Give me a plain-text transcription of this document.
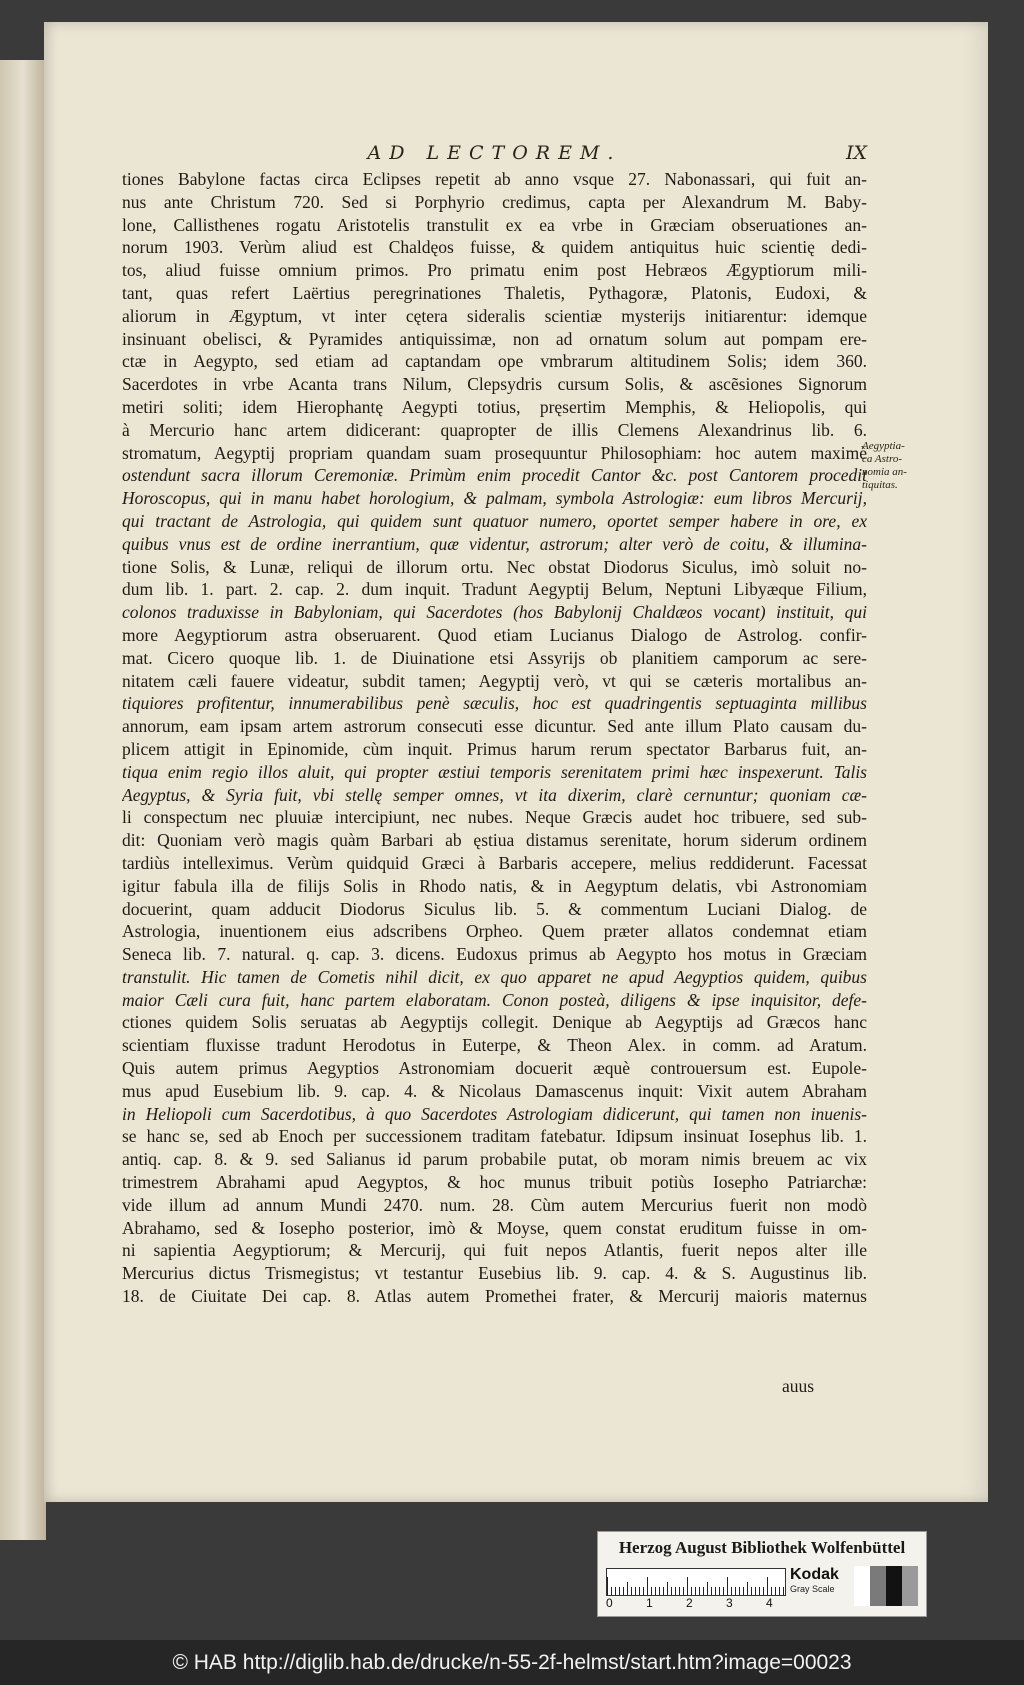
AD LECTOREM.	IX
tiones Babylone factas circa Eclipses repetit ab anno vsque 27. Nabonassari, qui fuit an-
nus ante Christum 720. Sed si Porphyrio credimus, capta per Alexandrum M. Baby-
lone, Callisthenes rogatu Aristotelis transtulit ex ea vrbe in Græciam obseruationes an-
norum 1903. Verùm aliud est Chaldęos fuisse, & quidem antiquitus huic scientię dedi-
tos, aliud fuisse omnium primos. Pro primatu enim post Hebræos Ægyptiorum mili-
tant, quas refert Laërtius peregrinationes Thaletis, Pythagoræ, Platonis, Eudoxi, &
aliorum in Ægyptum, vt inter cętera sideralis scientiæ mysterijs initiarentur: idemque
insinuant obelisci, & Pyramides antiquissimæ, non ad ornatum solum aut pompam ere-
ctæ in Aegypto, sed etiam ad captandam ope vmbrarum altitudinem Solis; idem 360.
Sacerdotes in vrbe Acanta trans Nilum, Clepsydris cursum Solis, & ascẽsiones Signorum
metiri soliti; idem Hierophantę Aegypti totius, pręsertim Memphis, & Heliopolis, qui
à Mercurio hanc artem didicerant: quapropter de illis Clemens Alexandrinus lib. 6.
stromatum, Aegyptij propriam quandam suam prosequuntur Philosophiam: hoc autem maximè
ostendunt sacra illorum Ceremoniæ. Primùm enim procedit Cantor &c. post Cantorem procedit
Horoscopus, qui in manu habet horologium, & palmam, symbola Astrologiæ: eum libros Mercurij,
qui tractant de Astrologia, qui quidem sunt quatuor numero, oportet semper habere in ore, ex
quibus vnus est de ordine inerrantium, quæ videntur, astrorum; alter verò de coitu, & illumina-
tione Solis, & Lunæ, reliqui de illorum ortu. Nec obstat Diodorus Siculus, imò soluit no-
dum lib. 1. part. 2. cap. 2. dum inquit. Tradunt Aegyptij Belum, Neptuni Libyæque Filium,
colonos traduxisse in Babyloniam, qui Sacerdotes (hos Babylonij Chaldæos vocant) instituit, qui
more Aegyptiorum astra obseruarent. Quod etiam Lucianus Dialogo de Astrolog. confir-
mat. Cicero quoque lib. 1. de Diuinatione etsi Assyrijs ob planitiem camporum ac sere-
nitatem cæli fauere videatur, subdit tamen; Aegyptij verò, vt qui se cæteris mortalibus an-
tiquiores profitentur, innumerabilibus penè sæculis, hoc est quadringentis septuaginta millibus
annorum, eam ipsam artem astrorum consecuti esse dicuntur. Sed ante illum Plato causam du-
plicem attigit in Epinomide, cùm inquit. Primus harum rerum spectator Barbarus fuit, an-
tiqua enim regio illos aluit, qui propter æstiui temporis serenitatem primi hæc inspexerunt. Talis
Aegyptus, & Syria fuit, vbi stellę semper omnes, vt ita dixerim, clarè cernuntur; quoniam cæ-
li conspectum nec pluuiæ intercipiunt, nec nubes. Neque Græcis audet hoc tribuere, sed sub-
dit: Quoniam verò magis quàm Barbari ab ęstiua distamus serenitate, horum siderum ordinem
tardiùs intelleximus. Verùm quidquid Græci à Barbaris accepere, melius reddiderunt. Facessat
igitur fabula illa de filijs Solis in Rhodo natis, & in Aegyptum delatis, vbi Astronomiam
docuerint, quam adducit Diodorus Siculus lib. 5. & commentum Luciani Dialog. de
Astrologia, inuentionem eius adscribens Orpheo. Quem præter allatos condemnat etiam
Seneca lib. 7. natural. q. cap. 3. dicens. Eudoxus primus ab Aegypto hos motus in Græciam
transtulit. Hic tamen de Cometis nihil dicit, ex quo apparet ne apud Aegyptios quidem, quibus
maior Cæli cura fuit, hanc partem elaboratam. Conon posteà, diligens & ipse inquisitor, defe-
ctiones quidem Solis seruatas ab Aegyptijs collegit. Denique ab Aegyptijs ad Græcos hanc
scientiam fluxisse tradunt Herodotus in Euterpe, & Theon Alex. in comm. ad Aratum.
Quis autem primus Aegyptios Astronomiam docuerit æquè controuersum est. Eupole-
mus apud Eusebium lib. 9. cap. 4. & Nicolaus Damascenus inquit: Vixit autem Abraham
in Heliopoli cum Sacerdotibus, à quo Sacerdotes Astrologiam didicerunt, qui tamen non inuenis-
se hanc se, sed ab Enoch per successionem traditam fatebatur. Idipsum insinuat Iosephus lib. 1.
antiq. cap. 8. & 9. sed Salianus id parum probabile putat, ob moram nimis breuem ac vix
trimestrem Abrahami apud Aegyptos, & hoc munus tribuit potiùs Iosepho Patriarchæ:
vide illum ad annum Mundi 2470. num. 28. Cùm autem Mercurius fuerit non modò
Abrahamo, sed & Iosepho posterior, imò & Moyse, quem constat eruditum fuisse in om-
ni sapientia Aegyptiorum; & Mercurij, qui fuit nepos Atlantis, fuerit nepos alter ille
Mercurius dictus Trismegistus; vt testantur Eusebius lib. 9. cap. 4. & S. Augustinus lib.
18. de Ciuitate Dei cap. 8. Atlas autem Promethei frater, & Mercurij maioris maternus
Aegyptia-
ca Astro-
nomia an-
tiquitas.
auus
Herzog August Bibliothek Wolfenbüttel
0	1	2	3	4
Kodak
Gray Scale
© HAB http://diglib.hab.de/drucke/n-55-2f-helmst/start.htm?image=00023
